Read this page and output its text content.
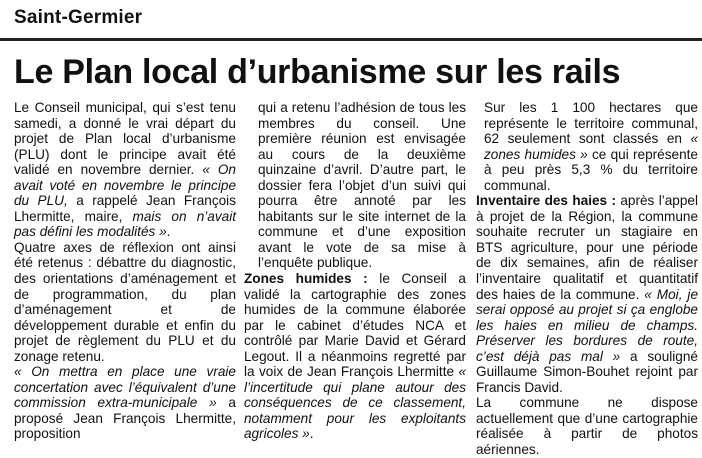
Saint-Germier
Le Plan local d’urbanisme sur les rails

Le Conseil municipal, qui s’est tenu samedi, a donné le vrai départ du projet de Plan local d’urbanisme (PLU) dont le principe avait été validé en novembre dernier. « On avait voté en novembre le principe du PLU, a rappelé Jean François Lhermitte, maire, mais on n’avait pas défini les modalités ».

Quatre axes de réflexion ont ainsi été retenus : débattre du diagnostic, des orientations d’aménagement et de programmation, du plan d’aménagement et de développement durable et enfin du projet de règlement du PLU et du zonage retenu.

« On mettra en place une vraie concertation avec l’équivalent d’une commission extra-municipale » a proposé Jean François Lhermitte, proposition

qui a retenu l’adhésion de tous les membres du conseil. Une première réunion est envisagée au cours de la deuxième quinzaine d’avril. D’autre part, le dossier fera l’objet d’un suivi qui pourra être annoté par les habitants sur le site internet de la commune et d’une exposition avant le vote de sa mise à l’enquête publique.

Zones humides : le Conseil a validé la cartographie des zones humides de la commune élaborée par le cabinet d’études NCA et contrôlé par Marie David et Gérard Legout. Il a néanmoins regretté par la voix de Jean François Lhermitte « l’incertitude qui plane autour des conséquences de ce classement, notamment pour les exploitants agricoles ».

Sur les 1 100 hectares que représente le territoire communal, 62 seulement sont classés en « zones humides » ce qui représente à peu près 5,3 % du territoire communal.

Inventaire des haies : après l’appel à projet de la Région, la commune souhaite recruter un stagiaire en BTS agriculture, pour une période de dix semaines, afin de réaliser l’inventaire qualitatif et quantitatif des haies de la commune. « Moi, je serai opposé au projet si ça englobe les haies en milieu de champs. Préserver les bordures de route, c’est déjà pas mal » a souligné Guillaume Simon-Bouhet rejoint par Francis David.

La commune ne dispose actuellement que d’une cartographie réalisée à partir de photos aériennes.
